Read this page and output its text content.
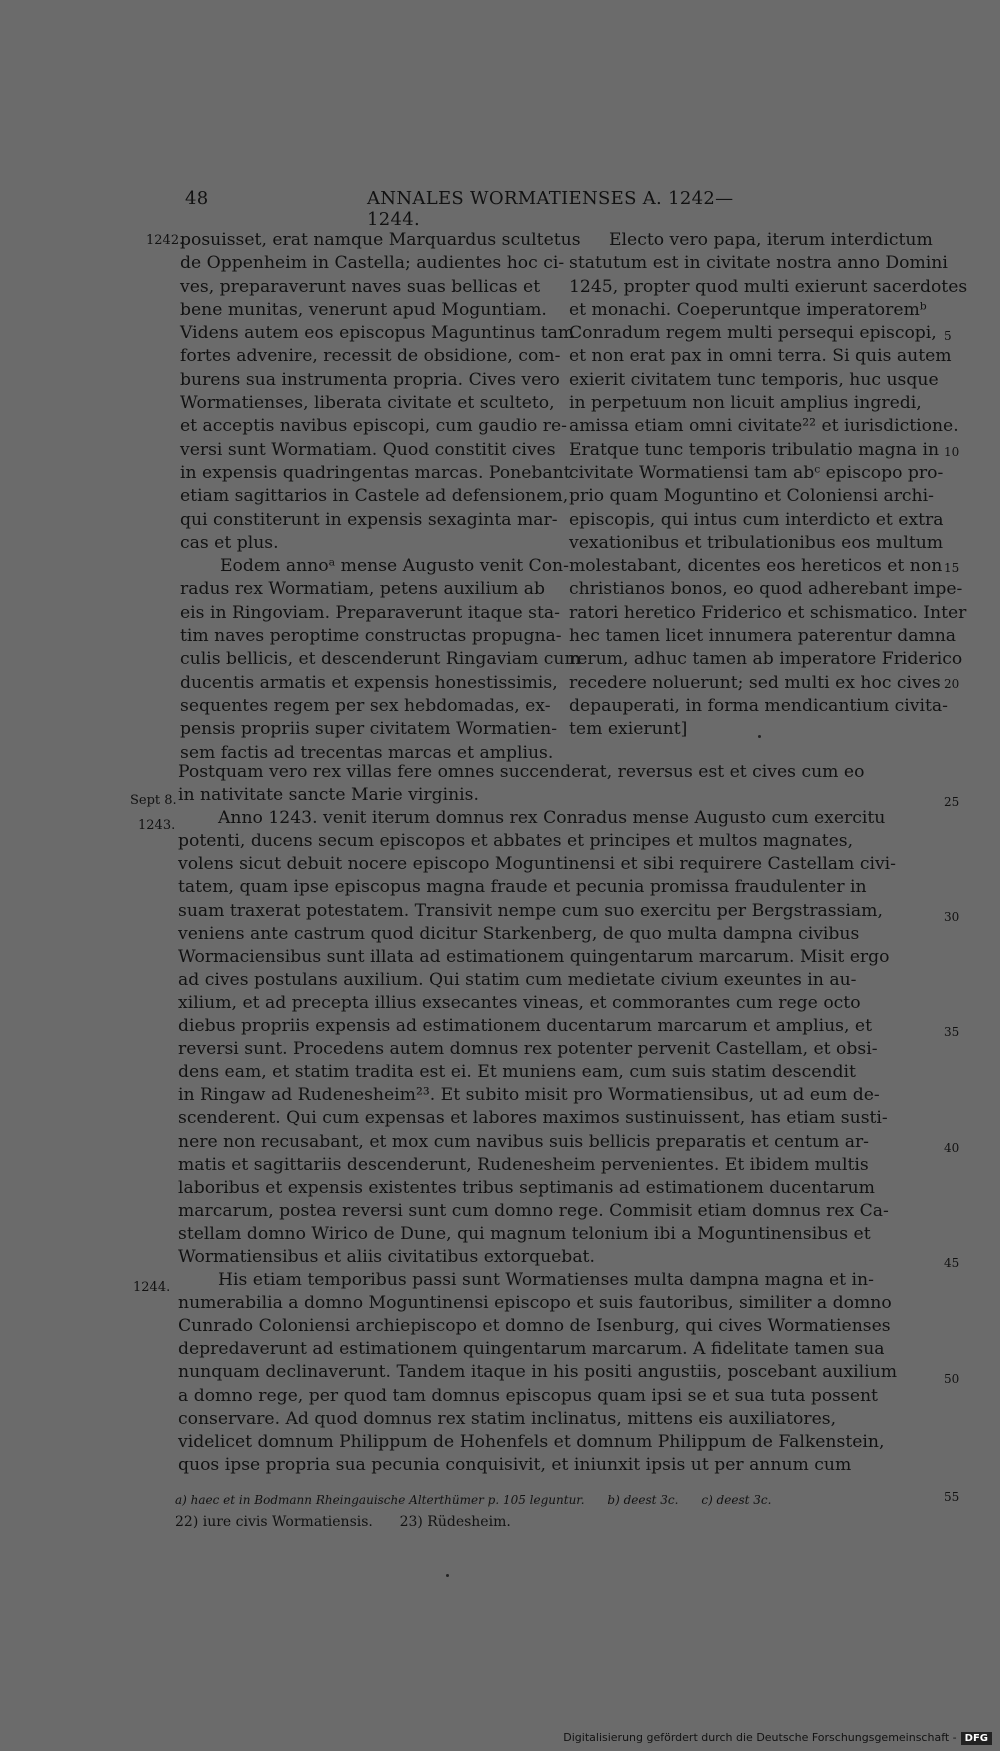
48	ANNALES WORMATIENSES A. 1242—1244.
1242.
posuisset, erat namque Marquardus scultetus
de Oppenheim in Castella; audientes hoc ci-
ves, preparaverunt naves suas bellicas et
bene munitas, venerunt apud Moguntiam.
Videns autem eos episcopus Maguntinus tam
fortes advenire, recessit de obsidione, com-
burens sua instrumenta propria. Cives vero
Wormatienses, liberata civitate et sculteto,
et acceptis navibus episcopi, cum gaudio re-
versi sunt Wormatiam. Quod constitit cives
in expensis quadringentas marcas. Ponebant
etiam sagittarios in Castele ad defensionem,
qui constiterunt in expensis sexaginta mar-
cas et plus.
Eodem annoᵃ mense Augusto venit Con-
radus rex Wormatiam, petens auxilium ab
eis in Ringoviam. Preparaverunt itaque sta-
tim naves peroptime constructas propugna-
culis bellicis, et descenderunt Ringaviam cum
ducentis armatis et expensis honestissimis,
sequentes regem per sex hebdomadas, ex-
pensis propriis super civitatem Wormatien-
sem factis ad trecentas marcas et amplius.
Electo vero papa, iterum interdictum
statutum est in civitate nostra anno Domini
1245, propter quod multi exierunt sacerdotes
et monachi. Coeperuntque imperatoremᵇ
Conradum regem multi persequi episcopi,
et non erat pax in omni terra. Si quis autem
exierit civitatem tunc temporis, huc usque
in perpetuum non licuit amplius ingredi,
amissa etiam omni civitate²² et iurisdictione.
Eratque tunc temporis tribulatio magna in
civitate Wormatiensi tam abᶜ episcopo pro-
prio quam Moguntino et Coloniensi archi-
episcopis, qui intus cum interdicto et extra
vexationibus et tribulationibus eos multum
molestabant, dicentes eos hereticos et non
christianos bonos, eo quod adherebant impe-
ratori heretico Friderico et schismatico. Inter
hec tamen licet innumera paterentur damna
rerum, adhuc tamen ab imperatore Friderico
recedere noluerunt; sed multi ex hoc cives
depauperati, in forma mendicantium civita-
tem exierunt]
5
10
15
20
Postquam vero rex villas fere omnes succenderat, reversus est et cives cum eo
in nativitate sancte Marie virginis.
Anno 1243. venit iterum domnus rex Conradus mense Augusto cum exercitu
potenti, ducens secum episcopos et abbates et principes et multos magnates,
volens sicut debuit nocere episcopo Moguntinensi et sibi requirere Castellam civi-
tatem, quam ipse episcopus magna fraude et pecunia promissa fraudulenter in
suam traxerat potestatem. Transivit nempe cum suo exercitu per Bergstrassiam,
veniens ante castrum quod dicitur Starkenberg, de quo multa dampna civibus
Wormaciensibus sunt illata ad estimationem quingentarum marcarum. Misit ergo
ad cives postulans auxilium. Qui statim cum medietate civium exeuntes in au-
xilium, et ad precepta illius exsecantes vineas, et commorantes cum rege octo
diebus propriis expensis ad estimationem ducentarum marcarum et amplius, et
reversi sunt. Procedens autem domnus rex potenter pervenit Castellam, et obsi-
dens eam, et statim tradita est ei. Et muniens eam, cum suis statim descendit
in Ringaw ad Rudenesheim²³. Et subito misit pro Wormatiensibus, ut ad eum de-
scenderent. Qui cum expensas et labores maximos sustinuissent, has etiam susti-
nere non recusabant, et mox cum navibus suis bellicis preparatis et centum ar-
matis et sagittariis descenderunt, Rudenesheim pervenientes. Et ibidem multis
laboribus et expensis existentes tribus septimanis ad estimationem ducentarum
marcarum, postea reversi sunt cum domno rege. Commisit etiam domnus rex Ca-
stellam domno Wirico de Dune, qui magnum telonium ibi a Moguntinensibus et
Wormatiensibus et aliis civitatibus extorquebat.
His etiam temporibus passi sunt Wormatienses multa dampna magna et in-
numerabilia a domno Moguntinensi episcopo et suis fautoribus, similiter a domno
Cunrado Coloniensi archiepiscopo et domno de Isenburg, qui cives Wormatienses
depredaverunt ad estimationem quingentarum marcarum. A fidelitate tamen sua
nunquam declinaverunt. Tandem itaque in his positi angustiis, poscebant auxilium
a domno rege, per quod tam domnus episcopus quam ipsi se et sua tuta possent
conservare. Ad quod domnus rex statim inclinatus, mittens eis auxiliatores,
videlicet domnum Philippum de Hohenfels et domnum Philippum de Falkenstein,
quos ipse propria sua pecunia conquisivit, et iniunxit ipsis ut per annum cum
Sept 8.
1243.
1244.
25
30
35
40
45
50
55
a) haec et in Bodmann Rheingauische Alterthümer p. 105 leguntur.      b) deest 3c.      c) deest 3c.
22) iure civis Wormatiensis.      23) Rüdesheim.
Digitalisierung gefördert durch die Deutsche Forschungsgemeinschaft - DFG
